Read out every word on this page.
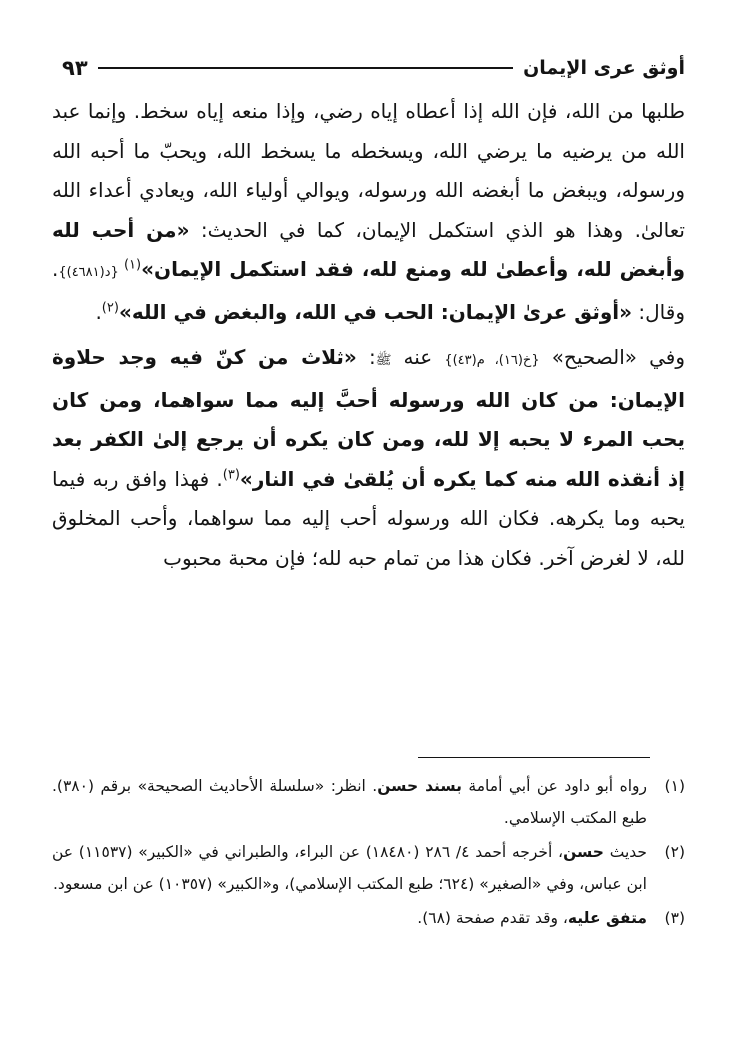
أوثق عرى الإيمان
٩٣

طلبها من الله، فإن الله إذا أعطاه إياه رضي، وإذا منعه إياه سخط. وإنما عبد الله من يرضيه ما يرضي الله، ويسخطه ما يسخط الله، ويحبّ ما أحبه الله ورسوله، ويبغض ما أبغضه الله ورسوله، ويوالي أولياء الله، ويعادي أعداء الله تعالىٰ. وهذا هو الذي استكمل الإيمان، كما في الحديث: «من أحب لله وأبغض لله، وأعطىٰ لله ومنع لله، فقد استكمل الإيمان»$^{(١)}$ {د(٤٦٨١)}. وقال: «أوثق عرىٰ الإيمان: الحب في الله، والبغض في الله»$^{(٢)}$.

وفي «الصحيح» {خ(١٦)، م(٤٣)} عنه ﷺ: «ثلاث من كنّ فيه وجد حلاوة الإيمان: من كان الله ورسوله أحبَّ إليه مما سواهما، ومن كان يحب المرء لا يحبه إلا لله، ومن كان يكره أن يرجع إلىٰ الكفر بعد إذ أنقذه الله منه كما يكره أن يُلقىٰ في النار»$^{(٣)}$. فهذا وافق ربه فيما يحبه وما يكرهه. فكان الله ورسوله أحب إليه مما سواهما، وأحب المخلوق لله، لا لغرض آخر. فكان هذا من تمام حبه لله؛ فإن محبة محبوب

(١)
رواه أبو داود عن أبي أمامة بسند حسن. انظر: «سلسلة الأحاديث الصحيحة» برقم (٣٨٠). طبع المكتب الإسلامي.
(٢)
حديث حسن، أخرجه أحمد ٤/ ٢٨٦ (١٨٤٨٠) عن البراء، والطبراني في «الكبير» (١١٥٣٧) عن ابن عباس، وفي «الصغير» (٦٢٤؛ طبع المكتب الإسلامي)، و«الكبير» (١٠٣٥٧) عن ابن مسعود.
(٣)
متفق عليه، وقد تقدم صفحة (٦٨).
